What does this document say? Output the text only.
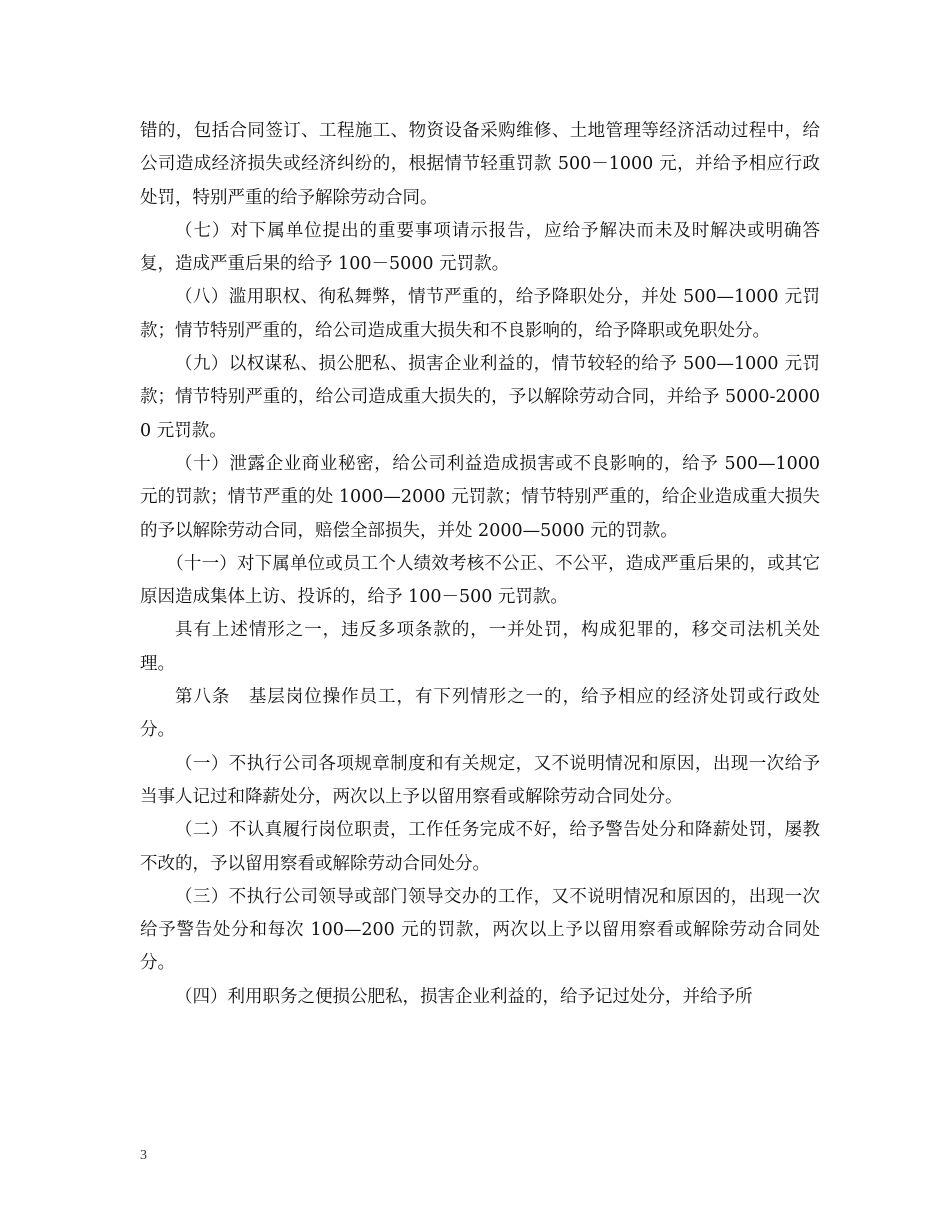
错的，包括合同签订、工程施工、物资设备采购维修、土地管理等经济活动过程中，给公司造成经济损失或经济纠纷的，根据情节轻重罚款 500－1000 元，并给予相应行政处罚，特别严重的给予解除劳动合同。

（七）对下属单位提出的重要事项请示报告，应给予解决而未及时解决或明确答复，造成严重后果的给予 100－5000 元罚款。

（八）滥用职权、徇私舞弊，情节严重的，给予降职处分，并处 500—1000 元罚款；情节特别严重的，给公司造成重大损失和不良影响的，给予降职或免职处分。

（九）以权谋私、损公肥私、损害企业利益的，情节较轻的给予 500—1000 元罚款；情节特别严重的，给公司造成重大损失的，予以解除劳动合同，并给予 5000-20000 元罚款。

（十）泄露企业商业秘密，给公司利益造成损害或不良影响的，给予 500—1000 元的罚款；情节严重的处 1000—2000 元罚款；情节特别严重的，给企业造成重大损失的予以解除劳动合同，赔偿全部损失，并处 2000—5000 元的罚款。

（十一）对下属单位或员工个人绩效考核不公正、不公平，造成严重后果的，或其它原因造成集体上访、投诉的，给予 100－500 元罚款。

具有上述情形之一，违反多项条款的，一并处罚，构成犯罪的，移交司法机关处理。

第八条　基层岗位操作员工，有下列情形之一的，给予相应的经济处罚或行政处分。

（一）不执行公司各项规章制度和有关规定，又不说明情况和原因，出现一次给予当事人记过和降薪处分，两次以上予以留用察看或解除劳动合同处分。

（二）不认真履行岗位职责，工作任务完成不好，给予警告处分和降薪处罚，屡教不改的，予以留用察看或解除劳动合同处分。

（三）不执行公司领导或部门领导交办的工作，又不说明情况和原因的，出现一次给予警告处分和每次 100—200 元的罚款，两次以上予以留用察看或解除劳动合同处分。

（四）利用职务之便损公肥私，损害企业利益的，给予记过处分，并给予所

3
